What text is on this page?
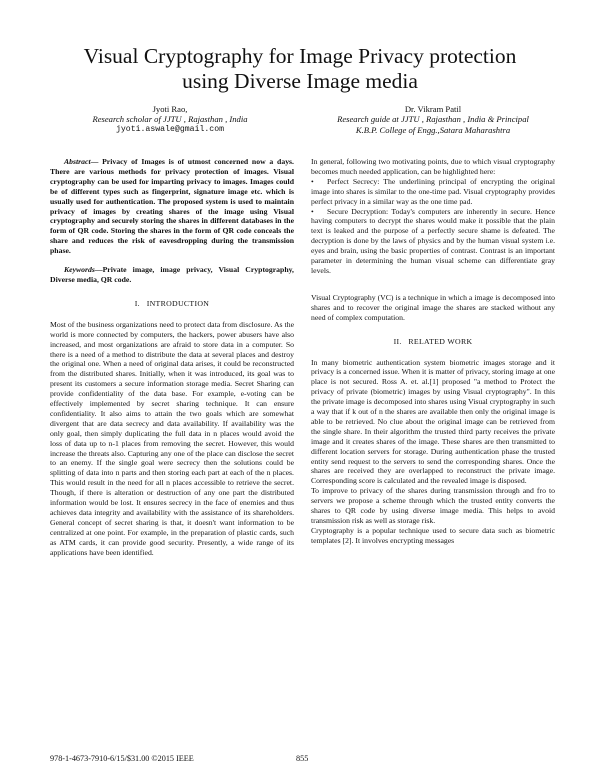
Visual Cryptography for Image Privacy protection
using Diverse Image media
Jyoti Rao,
Research scholar of JJTU , Rajasthan , India
jyoti.aswale@gmail.com
Dr. Vikram Patil
Research guide at JJTU , Rajasthan , India & Principal
K.B.P. College of Engg.,Satara Maharashtra

Abstract— Privacy of Images is of utmost concerned now a days. There are various methods for privacy protection of images. Visual cryptography can be used for imparting privacy to images. Images could be of different types such as fingerprint, signature image etc. which is usually used for authentication. The proposed system is used to maintain privacy of images by creating shares of the image using Visual cryptography and securely storing the shares in different databases in the form of QR code. Storing the shares in the form of QR code conceals the share and reduces the risk of eavesdropping during the transmission phase.

Keywords—Private image, image privacy, Visual Cryptography, Diverse media, QR code.

I. INTRODUCTION

Most of the business organizations need to protect data from disclosure. As the world is more connected by computers, the hackers, power abusers have also increased, and most organizations are afraid to store data in a computer. So there is a need of a method to distribute the data at several places and destroy the original one. When a need of original data arises, it could be reconstructed from the distributed shares. Initially, when it was introduced, its goal was to present its customers a secure information storage media. Secret Sharing can provide confidentiality of the data base. For example, e-voting can be effectively implemented by secret sharing technique. It can ensure confidentiality. It also aims to attain the two goals which are somewhat divergent that are data secrecy and data availability. If availability was the only goal, then simply duplicating the full data in n places would avoid the loss of data up to n-1 places from removing the secret. However, this would increase the threats also. Capturing any one of the place can disclose the secret to an enemy. If the single goal were secrecy then the solutions could be splitting of data into n parts and then storing each part at each of the n places. This would result in the need for all n places accessible to retrieve the secret. Though, if there is alteration or destruction of any one part the distributed information would be lost. It ensures secrecy in the face of enemies and thus achieves data integrity and availability with the assistance of its shareholders. General concept of secret sharing is that, it doesn't want information to be centralized at one point. For example, in the preparation of plastic cards, such as ATM cards, it can provide good security. Presently, a wide range of its applications have been identified.

In general, following two motivating points, due to which visual cryptography becomes much needed application, can be highlighted here:

• Perfect Secrecy: The underlining principal of encrypting the original image into shares is similar to the one-time pad. Visual cryptography provides perfect privacy in a similar way as the one time pad.

• Secure Decryption: Today's computers are inherently in secure. Hence having computers to decrypt the shares would make it possible that the plain text is leaked and the purpose of a perfectly secure shame is defeated. The decryption is done by the laws of physics and by the human visual system i.e. eyes and brain, using the basic properties of contrast. Contrast is an important parameter in determining the human visual scheme can differentiate gray levels.

Visual Cryptography (VC) is a technique in which a image is decomposed into shares and to recover the original image the shares are stacked without any need of complex computation.

II. RELATED WORK

In many biometric authentication system biometric images storage and it privacy is a concerned issue. When it is matter of privacy, storing image at one place is not secured. Ross A. et. al.[1] proposed "a method to Protect the privacy of private (biometric) images by using Visual cryptography". In this the private image is decomposed into shares using Visual cryptography in such a way that if k out of n the shares are available then only the original image is able to be retrieved. No clue about the original image can be retrieved from the single share. In their algorithm the trusted third party receives the private image and it creates shares of the image. These shares are then transmitted to different location servers for storage. During authentication phase the trusted entity send request to the servers to send the corresponding shares. Once the shares are received they are overlapped to reconstruct the private image. Corresponding score is calculated and the revealed image is disposed.

To improve to privacy of the shares during transmission through and fro to servers we propose a scheme through which the trusted entity converts the shares to QR code by using diverse image media. This helps to avoid transmission risk as well as storage risk.

Cryptography is a popular technique used to secure data such as biometric templates [2]. It involves encrypting messages

978-1-4673-7910-6/15/$31.00 ©2015 IEEE	855
